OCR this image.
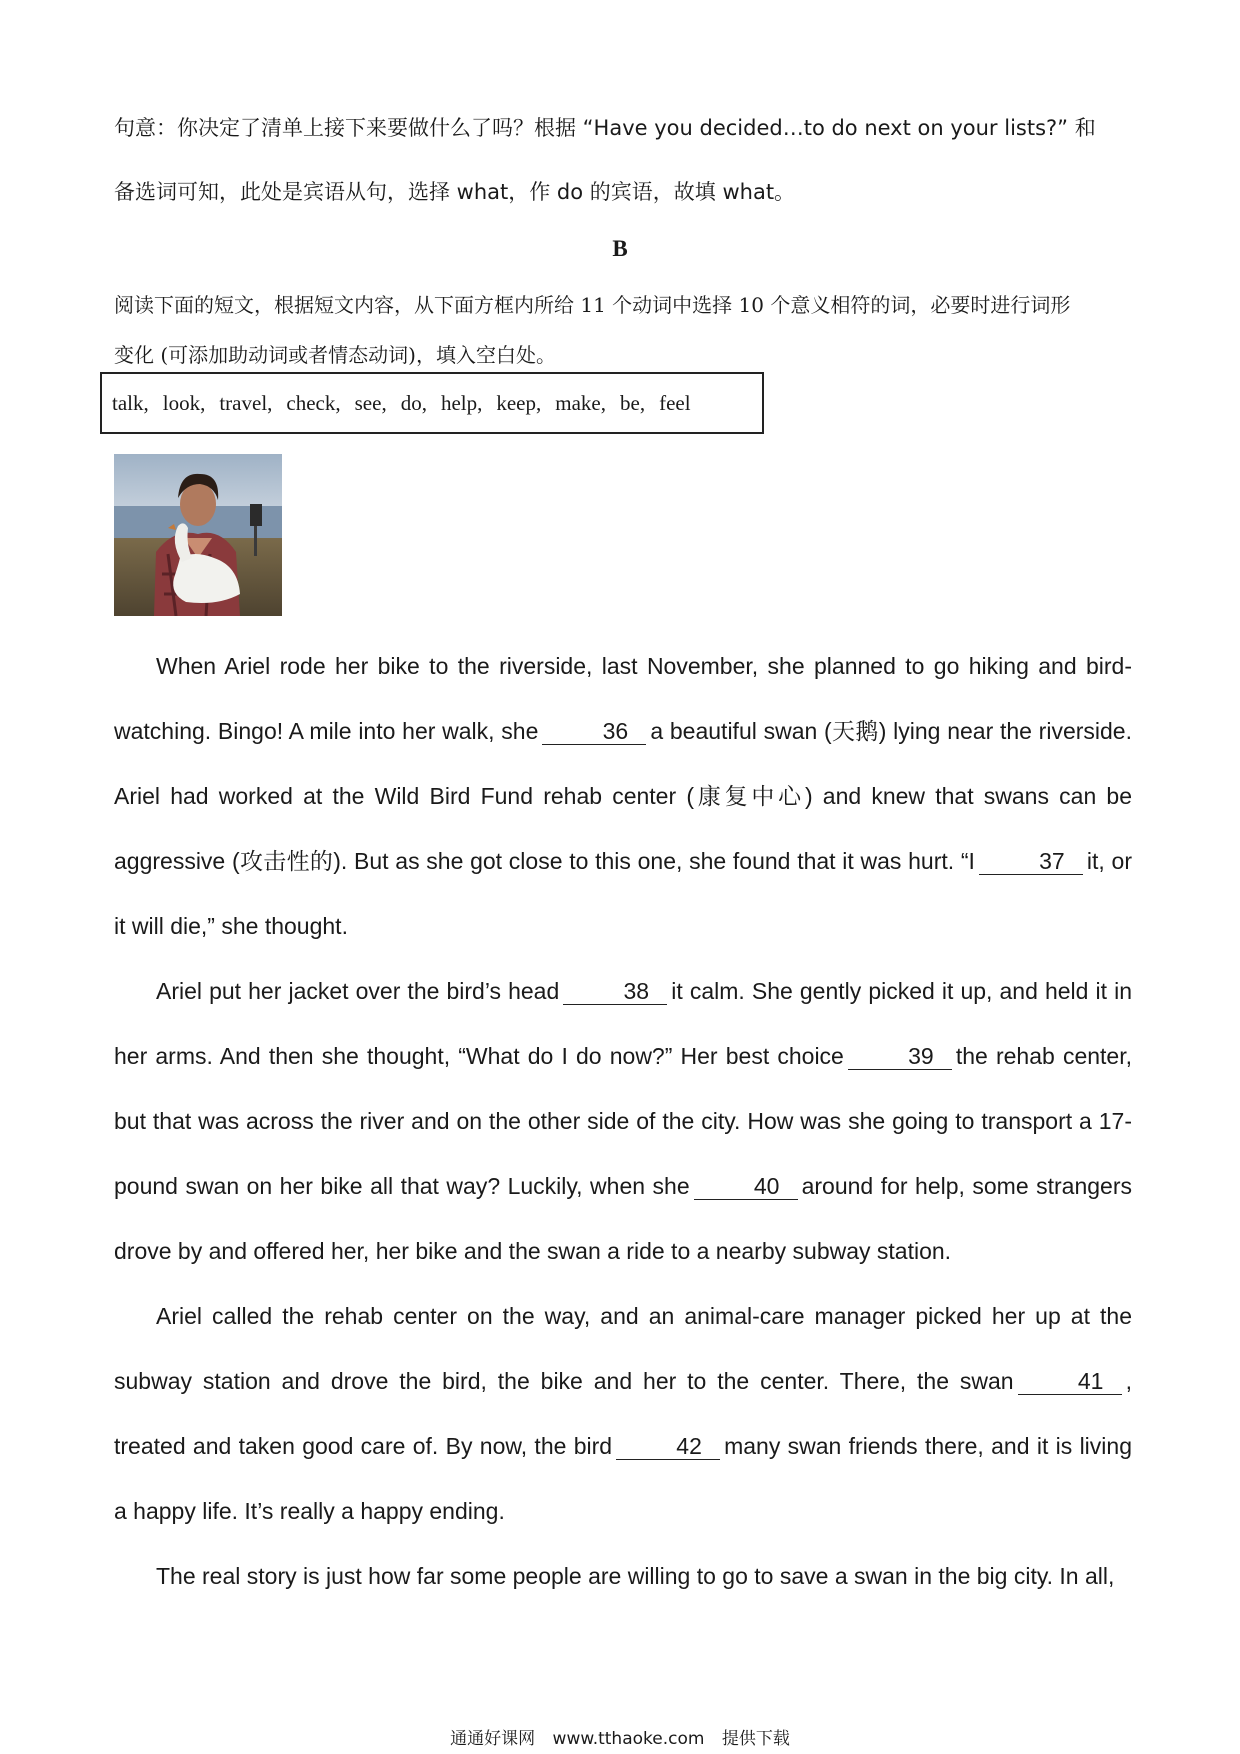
句意：你决定了清单上接下来要做什么了吗？根据 “Have you decided…to do next on your lists?” 和
备选词可知，此处是宾语从句，选择 what，作 do 的宾语，故填 what。
B
阅读下面的短文，根据短文内容，从下面方框内所给 11 个动词中选择 10 个意义相符的词，必要时进行词形
变化 (可添加助动词或者情态动词)，填入空白处。
talk, look, travel, check, see, do, help, keep, make, be, feel

When Ariel rode her bike to the riverside, last November, she planned to go hiking and bird-watching. Bingo! A mile into her walk, she	36 a beautiful swan (天鹅) lying near the riverside. Ariel had worked at the Wild Bird Fund rehab center (康复中心) and knew that swans can be aggressive (攻击性的). But as she got close to this one, she found that it was hurt. “I	37 it, or it will die,” she thought.

Ariel put her jacket over the bird’s head	38 it calm. She gently picked it up, and held it in her arms. And then she thought, “What do I do now?” Her best choice	39 the rehab center, but that was across the river and on the other side of the city. How was she going to transport a 17-pound swan on her bike all that way? Luckily, when she	40 around for help, some strangers drove by and offered her, her bike and the swan a ride to a nearby subway station.

Ariel called the rehab center on the way, and an animal-care manager picked her up at the subway station and drove the bird, the bike and her to the center. There, the swan	41 , treated and taken good care of. By now, the bird	42 many swan friends there, and it is living a happy life. It’s really a happy ending.

The real story is just how far some people are willing to go to save a swan in the big city. In all,

通通好课网 www.tthaoke.com 提供下载
